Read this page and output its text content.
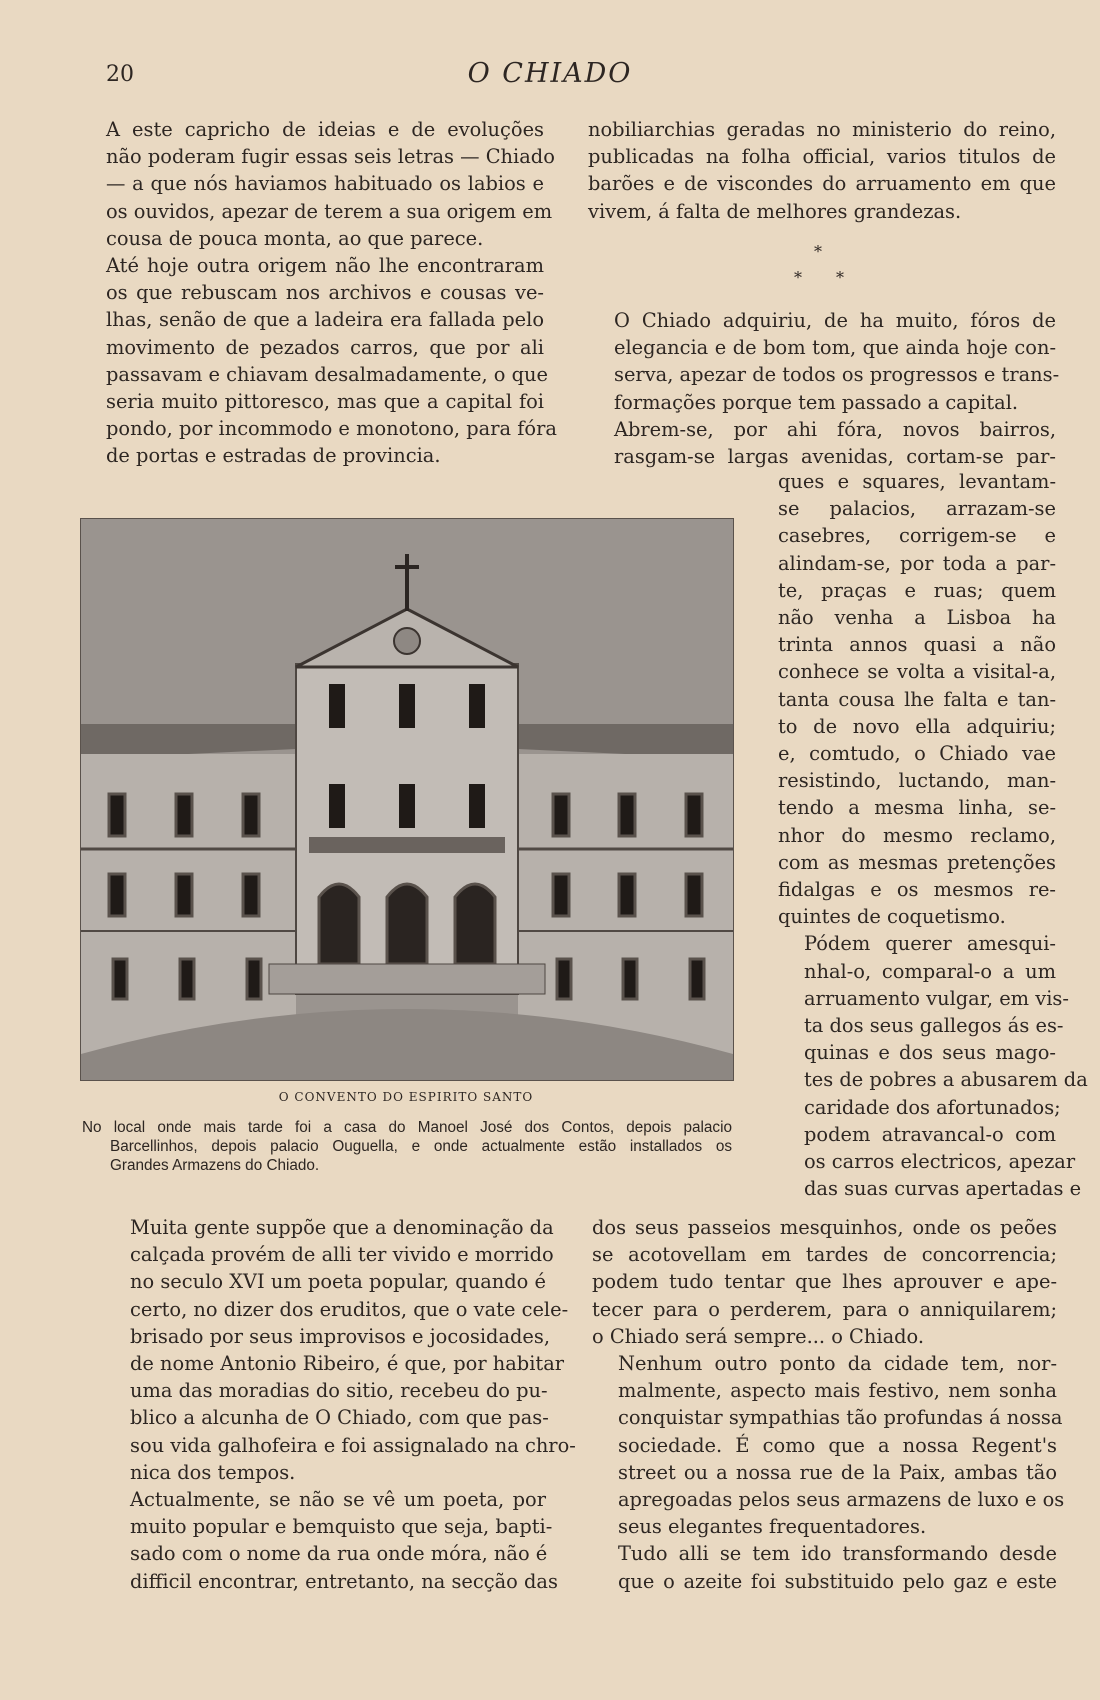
20	O CHIADO

A este capricho de ideias e de evoluções
não poderam fugir essas seis letras — Chiado
— a que nós haviamos habituado os labios e
os ouvidos, apezar de terem a sua origem em
cousa de pouca monta, ao que parece.

Até hoje outra origem não lhe encontraram
os que rebuscam nos archivos e cousas ve-
lhas, senão de que a ladeira era fallada pelo
movimento de pezados carros, que por ali
passavam e chiavam desalmadamente, o que
seria muito pittoresco, mas que a capital foi
pondo, por incommodo e monotono, para fóra
de portas e estradas de provincia.

nobiliarchias geradas no ministerio do reino,
publicadas na folha official, varios titulos de
barões e de viscondes do arruamento em que
vivem, á falta de melhores grandezas.

*
* *

O Chiado adquiriu, de ha muito, fóros de
elegancia e de bom tom, que ainda hoje con-
serva, apezar de todos os progressos e trans-
formações porque tem passado a capital.

Abrem-se, por ahi fóra, novos bairros,
rasgam-se largas avenidas, cortam-se par-

ques e squares, levantam-
se palacios, arrazam-se
casebres, corrigem-se e
alindam-se, por toda a par-
te, praças e ruas; quem
não venha a Lisboa ha
trinta annos quasi a não
conhece se volta a visital-a,
tanta cousa lhe falta e tan-
to de novo ella adquiriu;
e, comtudo, o Chiado vae
resistindo, luctando, man-
tendo a mesma linha, se-
nhor do mesmo reclamo,
com as mesmas pretenções
fidalgas e os mesmos re-
quintes de coquetismo.

Pódem querer amesqui-
nhal-o, comparal-o a um
arruamento vulgar, em vis-
ta dos seus gallegos ás es-
quinas e dos seus mago-
tes de pobres a abusarem da
caridade dos afortunados;
podem atravancal-o com
os carros electricos, apezar
das suas curvas apertadas e

O CONVENTO DO ESPIRITO SANTO
No local onde mais tarde foi a casa do Manoel José dos Contos, depois palacio
Barcellinhos, depois palacio Ouguella, e onde actualmente estão installados os
Grandes Armazens do Chiado.

Muita gente suppõe que a denominação da
calçada provém de alli ter vivido e morrido
no seculo XVI um poeta popular, quando é
certo, no dizer dos eruditos, que o vate cele-
brisado por seus improvisos e jocosidades,
de nome Antonio Ribeiro, é que, por habitar
uma das moradias do sitio, recebeu do pu-
blico a alcunha de O Chiado, com que pas-
sou vida galhofeira e foi assignalado na chro-
nica dos tempos.

Actualmente, se não se vê um poeta, por
muito popular e bemquisto que seja, bapti-
sado com o nome da rua onde móra, não é
difficil encontrar, entretanto, na secção das

dos seus passeios mesquinhos, onde os peões
se acotovellam em tardes de concorrencia;
podem tudo tentar que lhes aprouver e ape-
tecer para o perderem, para o anniquilarem;
o Chiado será sempre... o Chiado.

Nenhum outro ponto da cidade tem, nor-
malmente, aspecto mais festivo, nem sonha
conquistar sympathias tão profundas á nossa
sociedade. É como que a nossa Regent's
street ou a nossa rue de la Paix, ambas tão
apregoadas pelos seus armazens de luxo e os
seus elegantes frequentadores.

Tudo alli se tem ido transformando desde
que o azeite foi substituido pelo gaz e este
